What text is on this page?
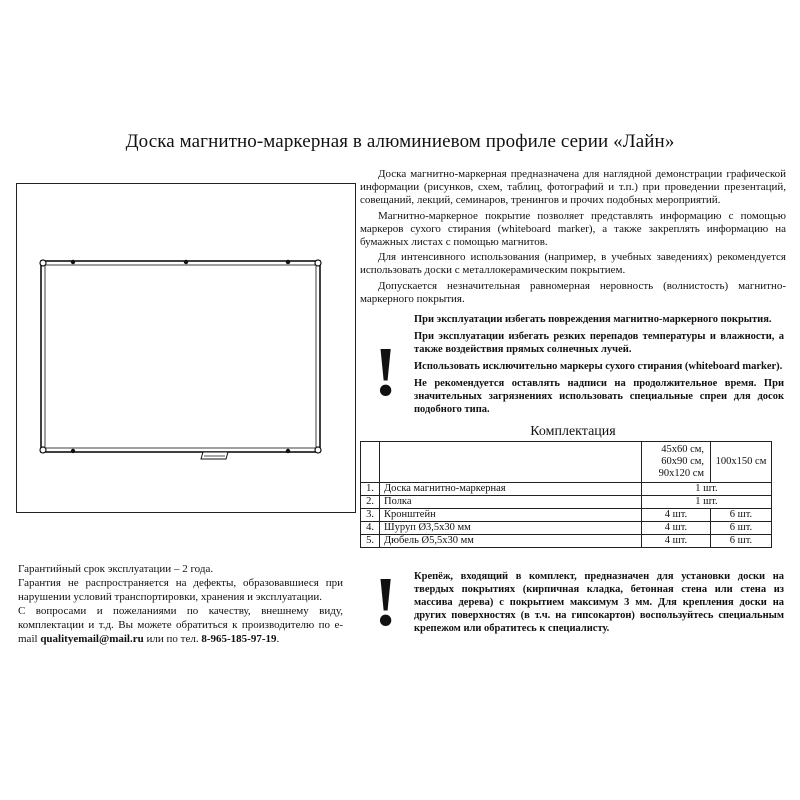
Доска магнитно-маркерная в алюминиевом профиле серии «Лайн»

Доска магнитно-маркерная предназначена для наглядной демонстрации графической информации (рисунков, схем, таблиц, фотографий и т.п.) при проведении презентаций, совещаний, лекций, семинаров, тренингов и прочих подобных мероприятий.

Магнитно-маркерное покрытие позволяет представлять информацию с помощью маркеров сухого стирания (whiteboard marker), а также закреплять информацию на бумажных листах с помощью магнитов.

Для интенсивного использования (например, в учебных заведениях) рекомендуется использовать доски с металлокерамическим покрытием.

Допускается незначительная равномерная неровность (волнистость) магнитно-маркерного покрытия.

!

При эксплуатации избегать повреждения магнитно-маркерного покрытия.

При эксплуатации избегать резких перепадов температуры и влажности, а также воздействия прямых солнечных лучей.

Использовать исключительно маркеры сухого стирания (whiteboard marker).

Не рекомендуется оставлять надписи на продолжительное время. При значительных загрязнениях использовать специальные спреи для досок подобного типа.

Комплектация

		45х60 см,
60х90 см,
90х120 см	100х150 см
1.	Доска магнитно-маркерная	1 шт.	
2.	Полка	1 шт.	
3.	Кронштейн	4 шт.	6 шт.
4.	Шуруп Ø3,5х30 мм	4 шт.	6 шт.
5.	Дюбель Ø5,5х30 мм	4 шт.	6 шт.
! Крепёж, входящий в комплект, предназначен для установки доски на твердых покрытиях (кирпичная кладка, бетонная стена или стена из массива дерева) с покрытием максимум 3 мм. Для крепления доски на других поверхностях (в т.ч. на гипсокартон) воспользуйтесь специальным крепежом или обратитесь к специалисту.

Гарантийный срок эксплуатации – 2 года.

Гарантия не распространяется на дефекты, образовавшиеся при нарушении условий транспортировки, хранения и эксплуатации.

С вопросами и пожеланиями по качеству, внешнему виду, комплектации и т.д. Вы можете обратиться к производителю по e-mail qualityemail@mail.ru или по тел. 8-965-185-97-19.
